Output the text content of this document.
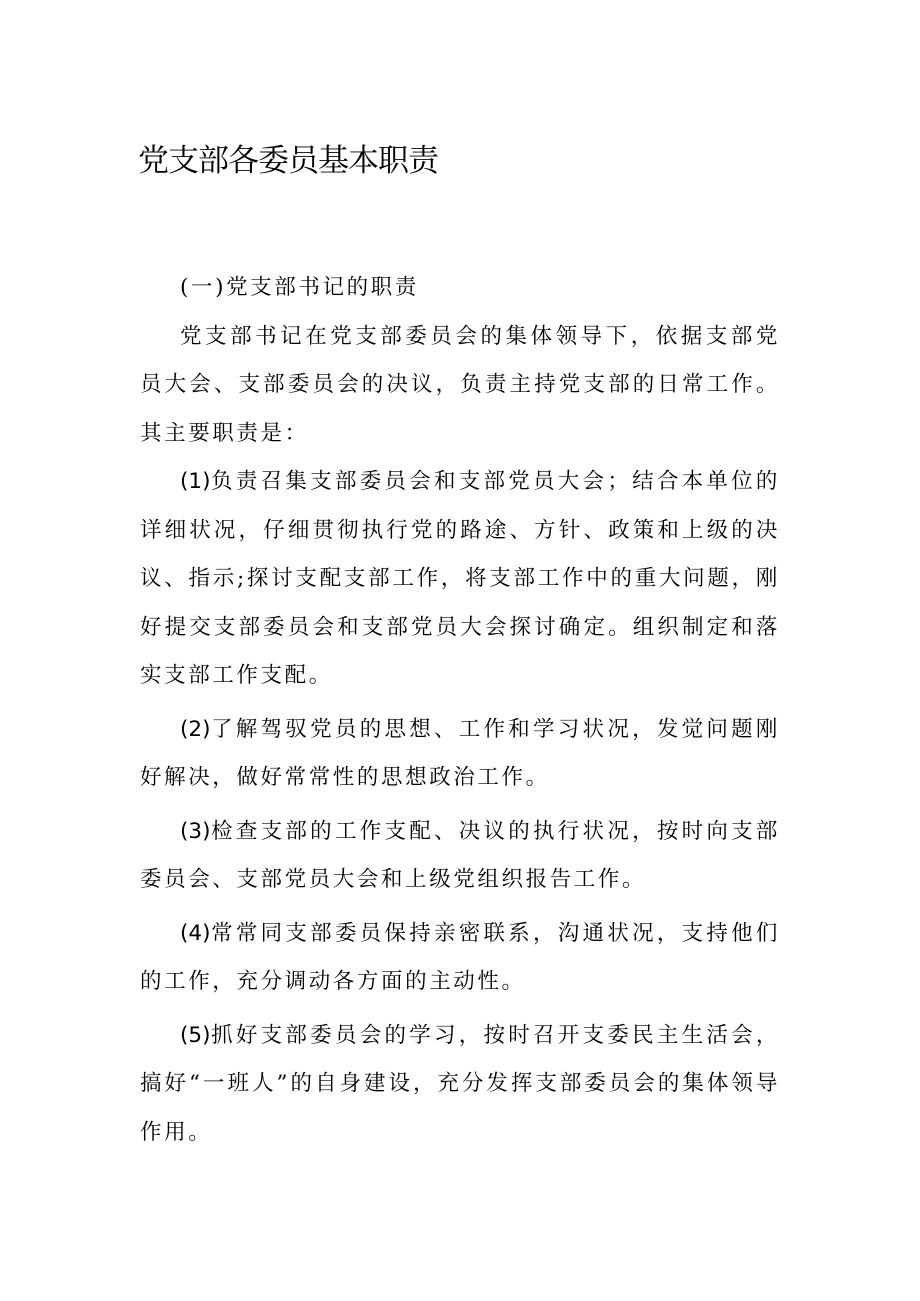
党支部各委员基本职责

(一)党支部书记的职责

党支部书记在党支部委员会的集体领导下，依据支部党员大会、支部委员会的决议，负责主持党支部的日常工作。其主要职责是：

(1)负责召集支部委员会和支部党员大会；结合本单位的详细状况，仔细贯彻执行党的路途、方针、政策和上级的决议、指示;探讨支配支部工作，将支部工作中的重大问题，刚好提交支部委员会和支部党员大会探讨确定。组织制定和落实支部工作支配。

(2)了解驾驭党员的思想、工作和学习状况，发觉问题刚好解决，做好常常性的思想政治工作。

(3)检查支部的工作支配、决议的执行状况，按时向支部委员会、支部党员大会和上级党组织报告工作。

(4)常常同支部委员保持亲密联系，沟通状况，支持他们的工作，充分调动各方面的主动性。

(5)抓好支部委员会的学习，按时召开支委民主生活会，搞好“一班人”的自身建设，充分发挥支部委员会的集体领导作用。
